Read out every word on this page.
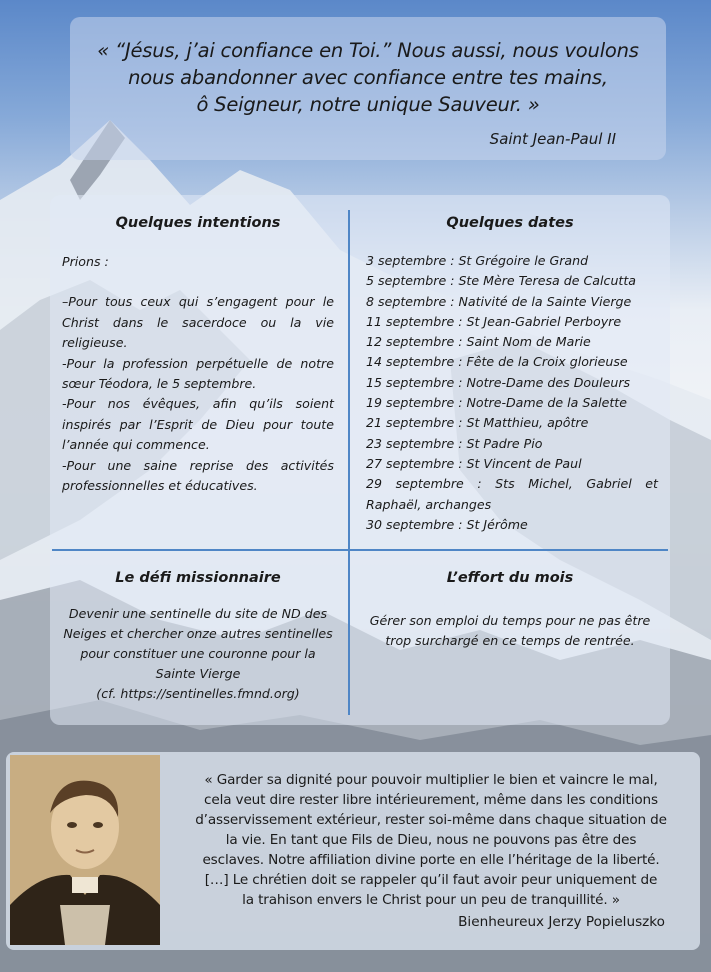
« “Jésus, j’ai confiance en Toi.” Nous aussi, nous voulons
nous abandonner avec confiance entre tes mains,
ô Seigneur, notre unique Sauveur. »
Saint Jean-Paul II
Quelques intentions

Prions :

–Pour tous ceux qui s’engagent pour le Christ dans le sacerdoce ou la vie religieuse.

-Pour la profession perpétuelle de notre sœur Téodora, le 5 septembre.

-Pour nos évêques, afin qu’ils soient inspirés par l’Esprit de Dieu pour toute l’année qui commence.

-Pour une saine reprise des activités professionnelles et éducatives.

Quelques dates
3 septembre : St Grégoire le Grand
5 septembre : Ste Mère Teresa de Calcutta
8 septembre : Nativité de la Sainte Vierge
11 septembre : St Jean-Gabriel Perboyre
12 septembre : Saint Nom de Marie
14 septembre : Fête de la Croix glorieuse
15 septembre : Notre-Dame des Douleurs
19 septembre : Notre-Dame de la Salette
21 septembre : St Matthieu, apôtre
23 septembre : St Padre Pio
27 septembre : St Vincent de Paul
29 septembre : Sts Michel, Gabriel et Raphaël, archanges
30 septembre : St Jérôme
Le défi missionnaire
Devenir une sentinelle du site de ND des
Neiges et chercher onze autres sentinelles
pour constituer une couronne pour la
Sainte Vierge
(cf. https://sentinelles.fmnd.org)
L’effort du mois
Gérer son emploi du temps pour ne pas être
trop surchargé en ce temps de rentrée.
« Garder sa dignité pour pouvoir multiplier le bien et vaincre le mal,
cela veut dire rester libre intérieurement, même dans les conditions
d’asservissement extérieur, rester soi-même dans chaque situation de
la vie. En tant que Fils de Dieu, nous ne pouvons pas être des
esclaves. Notre affiliation divine porte en elle l’héritage de la liberté.
[…] Le chrétien doit se rappeler qu’il faut avoir peur uniquement de
la trahison envers le Christ pour un peu de tranquillité. »
Bienheureux Jerzy Popieluszko
